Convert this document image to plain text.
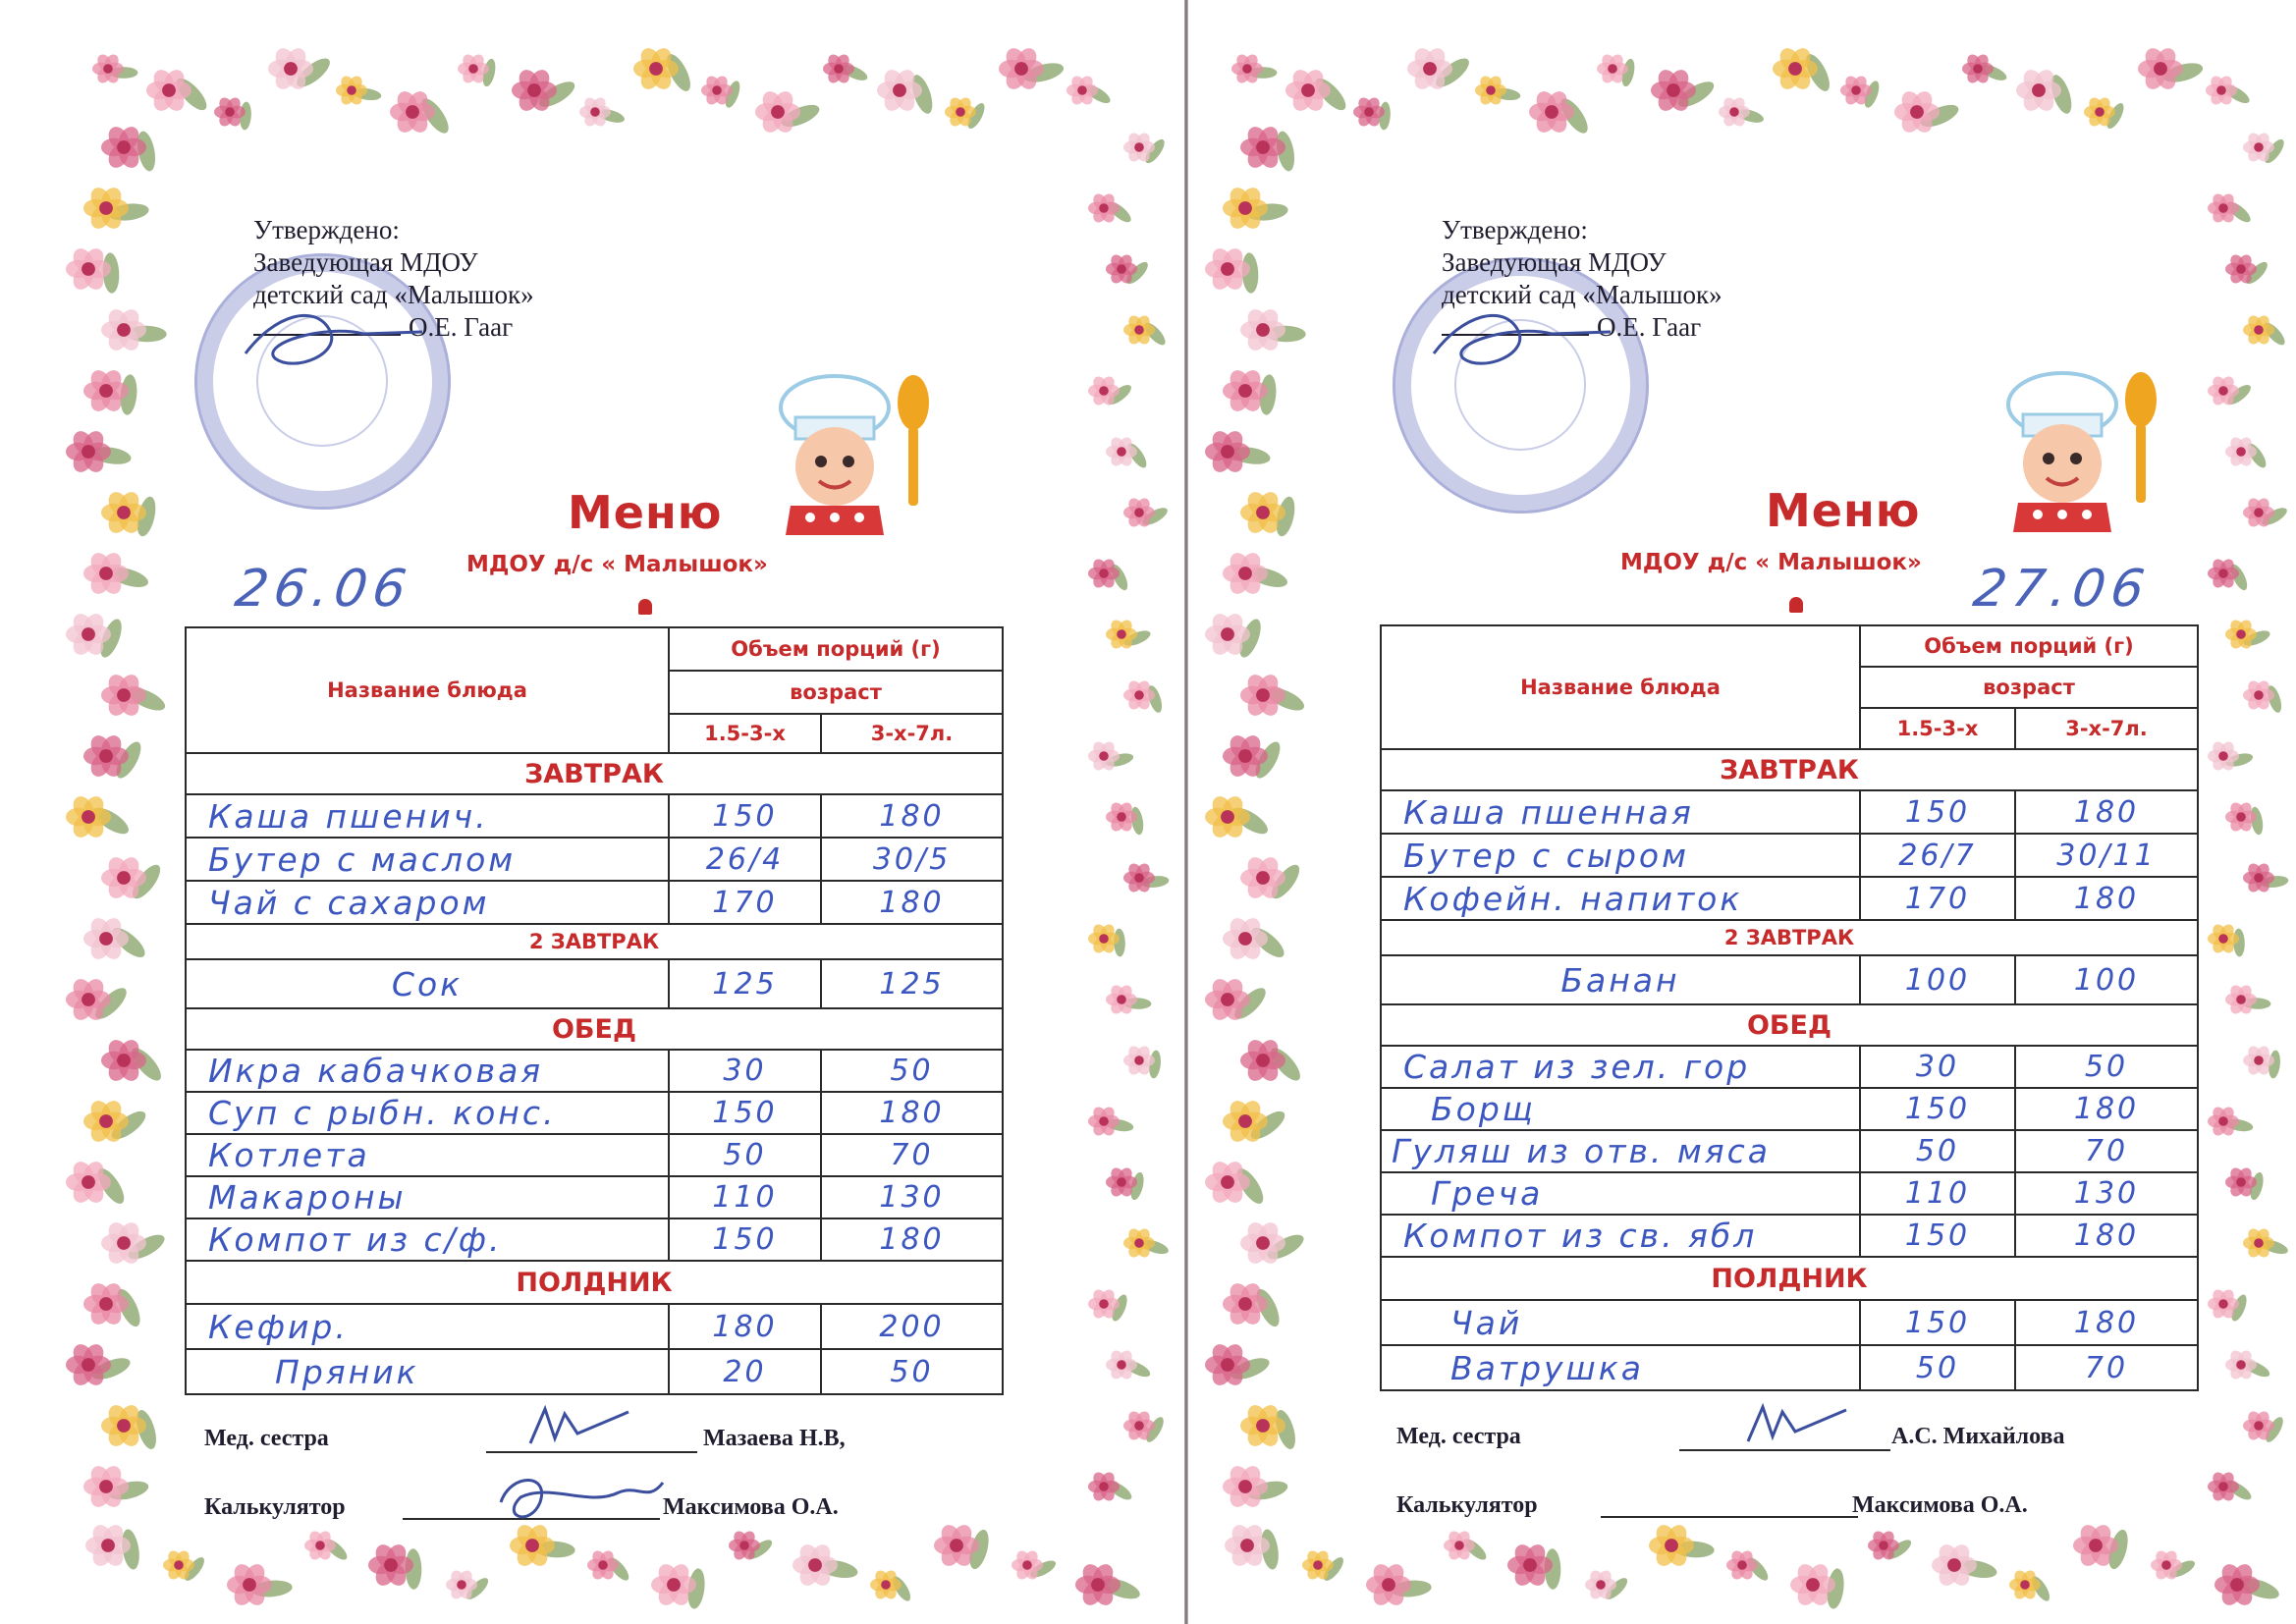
Утверждено:
Заведующая МДОУ
детский сад «Малышок»
О.Е. Гааг
Меню
МДОУ д/с « Малышок»
26.06
Название блюда	Объем порций (г)	
	возраст	
	1.5-3-х	3-х-7л.
ЗАВТРАК		
Каша пшенич.	150	180
Бутер с маслом	26/4	30/5
Чай с сахаром	170	180
2 ЗАВТРАК		
Сок	125	125
ОБЕД		
Икра кабачковая	30	50
Суп с рыбн. конс.	150	180
Котлета	50	70
Макароны	110	130
Компот из с/ф.	150	180
ПОЛДНИК		
Кефир.	180	200
Пряник	20	50
Мед. сестра	Мазаева Н.В,
Калькулятор	Максимова О.А.
Утверждено:
Заведующая МДОУ
детский сад «Малышок»
О.Е. Гааг
Меню
МДОУ д/с « Малышок» 27.06
Название блюда	Объем порций (г)	
	возраст	
	1.5-3-х	3-х-7л.
ЗАВТРАК		
Каша пшенная	150	180
Бутер с сыром	26/7	30/11
Кофейн. напиток	170	180
2 ЗАВТРАК		
Банан	100	100
ОБЕД		
Салат из зел. гор	30	50
Борщ	150	180
Гуляш из отв. мяса	50	70
Греча	110	130
Компот из св. ябл	150	180
ПОЛДНИК		
Чай	150	180
Ватрушка	50	70
Мед. сестра	А.С. Михайлова
Калькулятор	Максимова О.А.
